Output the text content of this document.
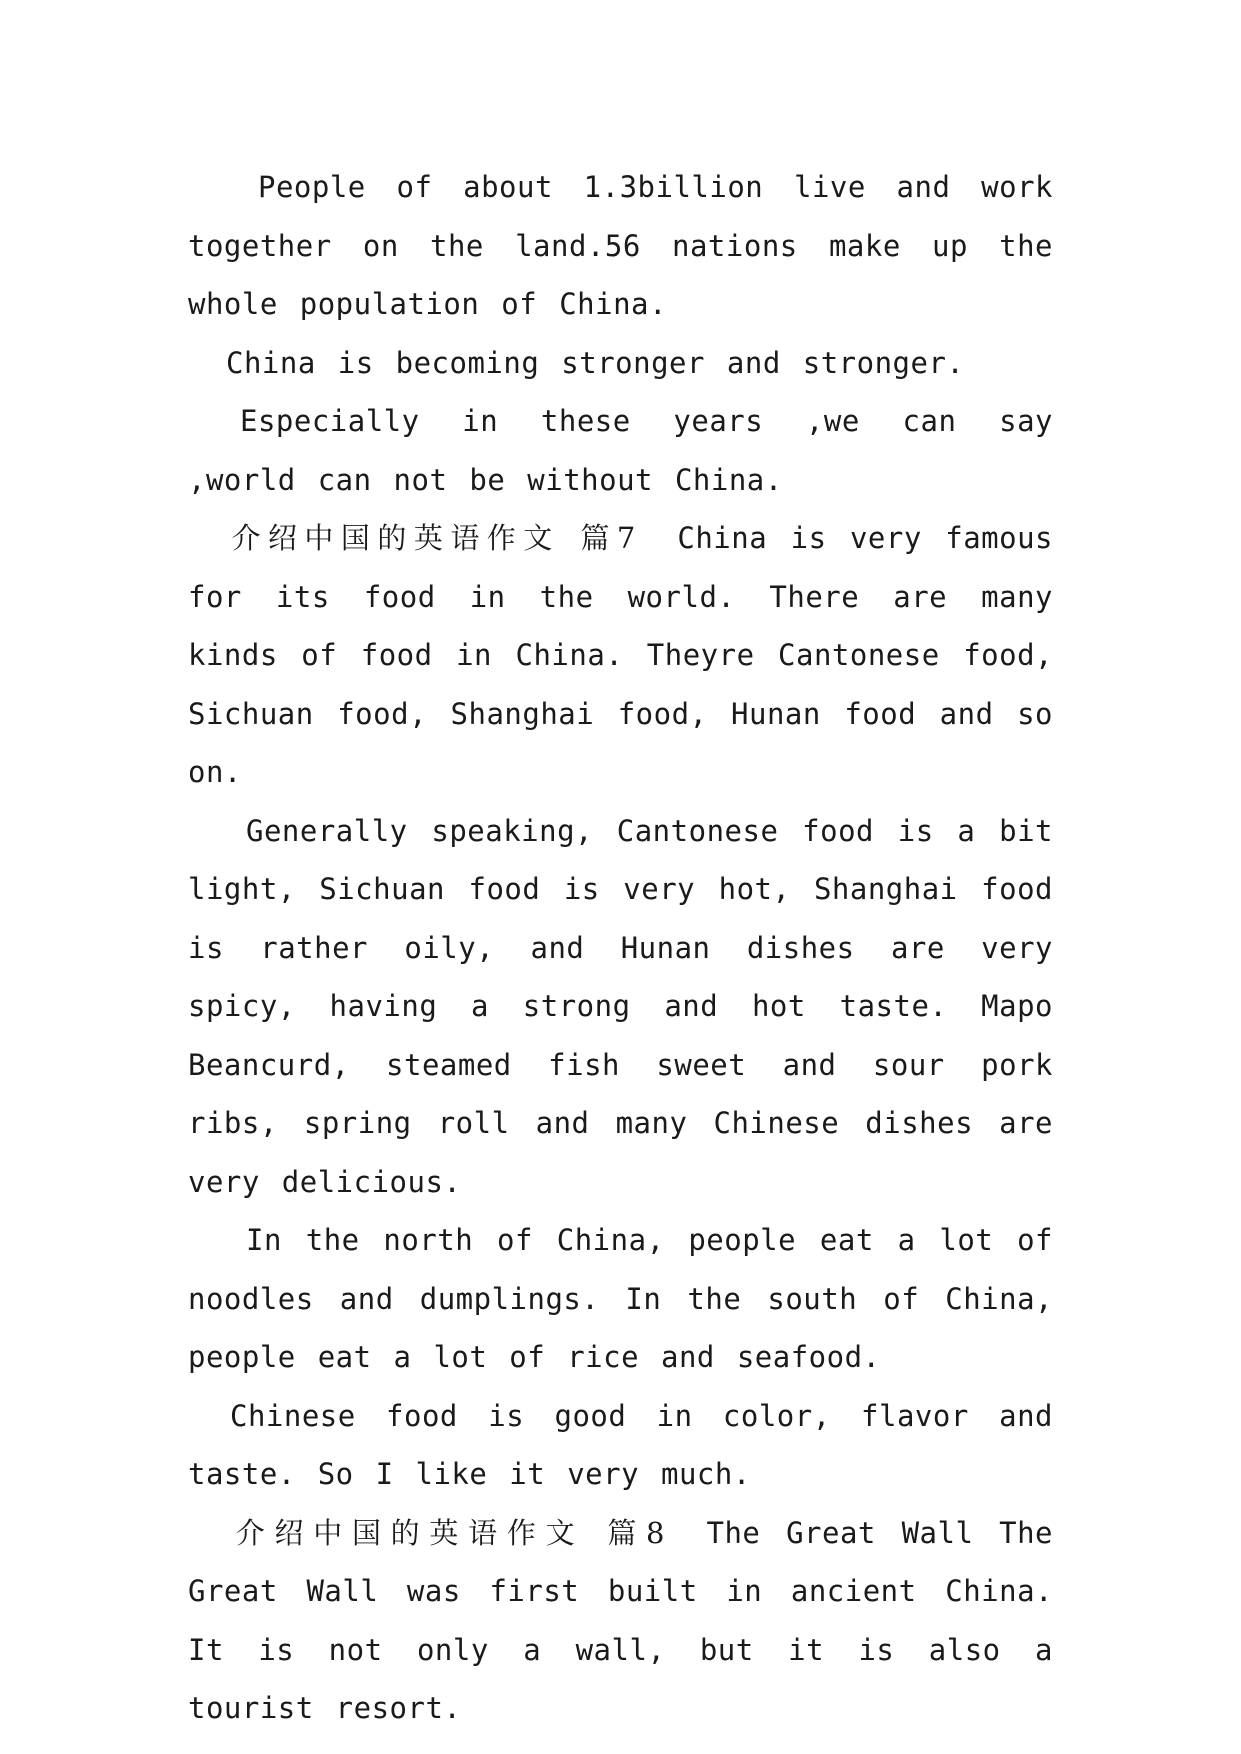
People of about 1.3billion live and work together on the land.56 nations make up the whole population of China.

China is becoming stronger and stronger.

Especially in these years ,we can say ,world can not be without China.

介绍中国的英语作文 篇7 China is very famous for its food in the world. There are many kinds of food in China. Theyre Cantonese food, Sichuan food, Shanghai food, Hunan food and so on.

Generally speaking, Cantonese food is a bit light, Sichuan food is very hot, Shanghai food is rather oily, and Hunan dishes are very spicy, having a strong and hot taste. Mapo Beancurd, steamed fish sweet and sour pork ribs, spring roll and many Chinese dishes are very delicious.

In the north of China, people eat a lot of noodles and dumplings. In the south of China, people eat a lot of rice and seafood.

Chinese food is good in color, flavor and taste. So I like it very much.

介绍中国的英语作文 篇8 The Great Wall The Great Wall was first built in ancient China. It is not only a wall, but it is also a tourist resort.
